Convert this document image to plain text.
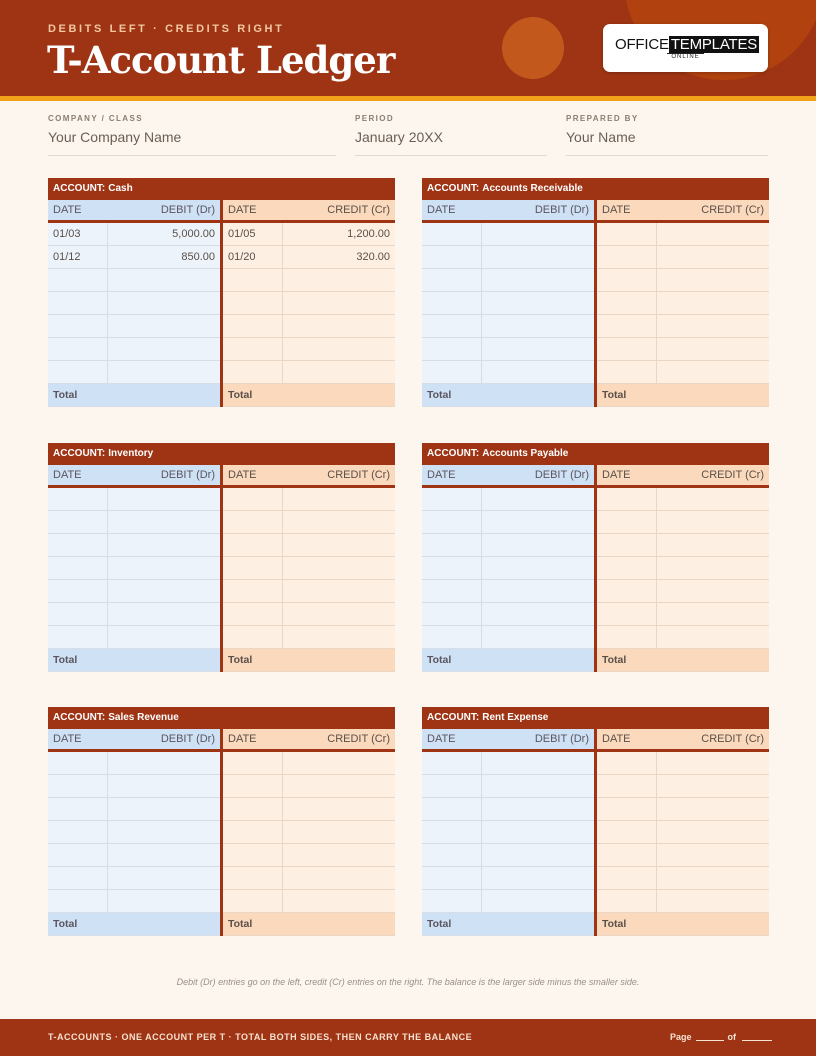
DEBITS LEFT · CREDITS RIGHT
T-Account Ledger	OFFICE TEMPLATES
ONLINE
COMPANY / CLASS
Your Company Name
PERIOD
January 20XX
PREPARED BY
Your Name
ACCOUNT: Cash
DATE	DEBIT (Dr)	DATE	CREDIT (Cr)
01/03	5,000.00	01/05	1,200.00
01/12	850.00	01/20	320.00
Total	Total
ACCOUNT: Accounts Receivable
DATE	DEBIT (Dr)	DATE	CREDIT (Cr)
Total	Total
ACCOUNT: Inventory
DATE	DEBIT (Dr)	DATE	CREDIT (Cr)
Total	Total
ACCOUNT: Accounts Payable
DATE	DEBIT (Dr)	DATE	CREDIT (Cr)
Total	Total
ACCOUNT: Sales Revenue
DATE	DEBIT (Dr)	DATE	CREDIT (Cr)
Total	Total
ACCOUNT: Rent Expense
DATE	DEBIT (Dr)	DATE	CREDIT (Cr)
Total	Total
Debit (Dr) entries go on the left, credit (Cr) entries on the right. The balance is the larger side minus the smaller side.
T-ACCOUNTS · ONE ACCOUNT PER T · TOTAL BOTH SIDES, THEN CARRY THE BALANCE	Page	of
